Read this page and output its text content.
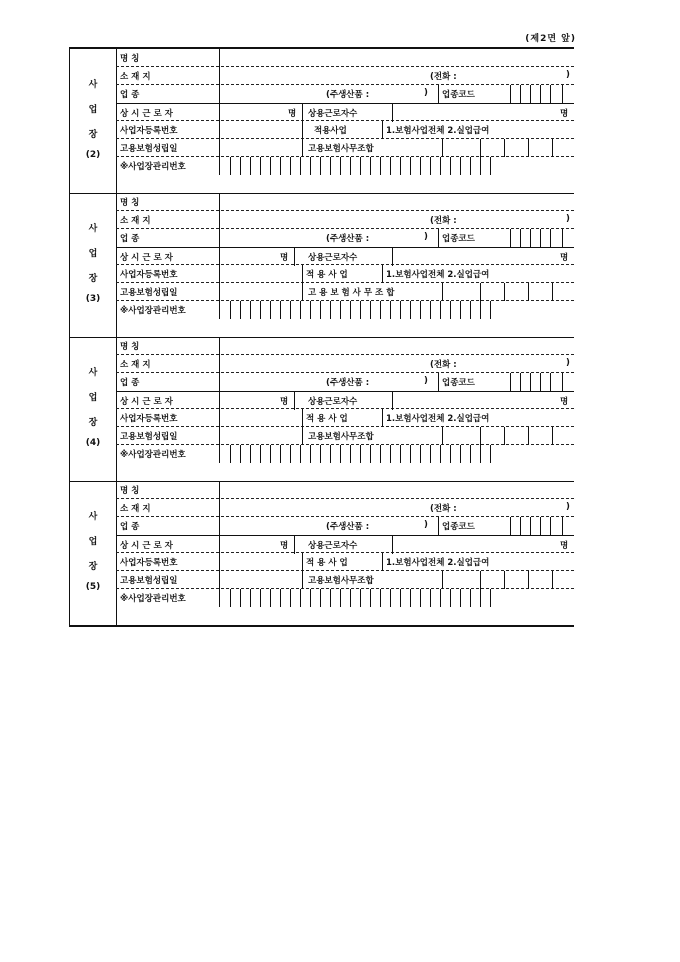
(제2면 앞)
사
업
장
(2)
명 칭
소 재 지	(전화 :	)
업 종	(주생산품 :	) 업종코드
상 시 근 로 자	명 상용근로자수	명
사업자등록번호	적용사업	1.보험사업전체 2.실업급여
고용보험성립일	고용보험사무조합
※사업장관리번호
사
업
장
(3)
명 칭
소 재 지	(전화 :	)
업 종	(주생산품 :	) 업종코드
상 시 근 로 자	명 상용근로자수	명
사업자등록번호	적 용 사 업	1.보험사업전체 2.실업급여
고용보험성립일	고 용 보 험 사 무 조 합
※사업장관리번호
사
업
장
(4)
명 칭
소 재 지	(전화 :	)
업 종	(주생산품 :	) 업종코드
상 시 근 로 자	명 상용근로자수	명
사업자등록번호	적 용 사 업	1.보험사업전체 2.실업급여
고용보험성립일	고용보험사무조합
※사업장관리번호
사
업
장
(5)
명 칭
소 재 지	(전화 :	)
업 종	(주생산품 :	) 업종코드
상 시 근 로 자	명 상용근로자수	명
사업자등록번호	적 용 사 업	1.보험사업전체 2.실업급여
고용보험성립일	고용보험사무조합
※사업장관리번호
